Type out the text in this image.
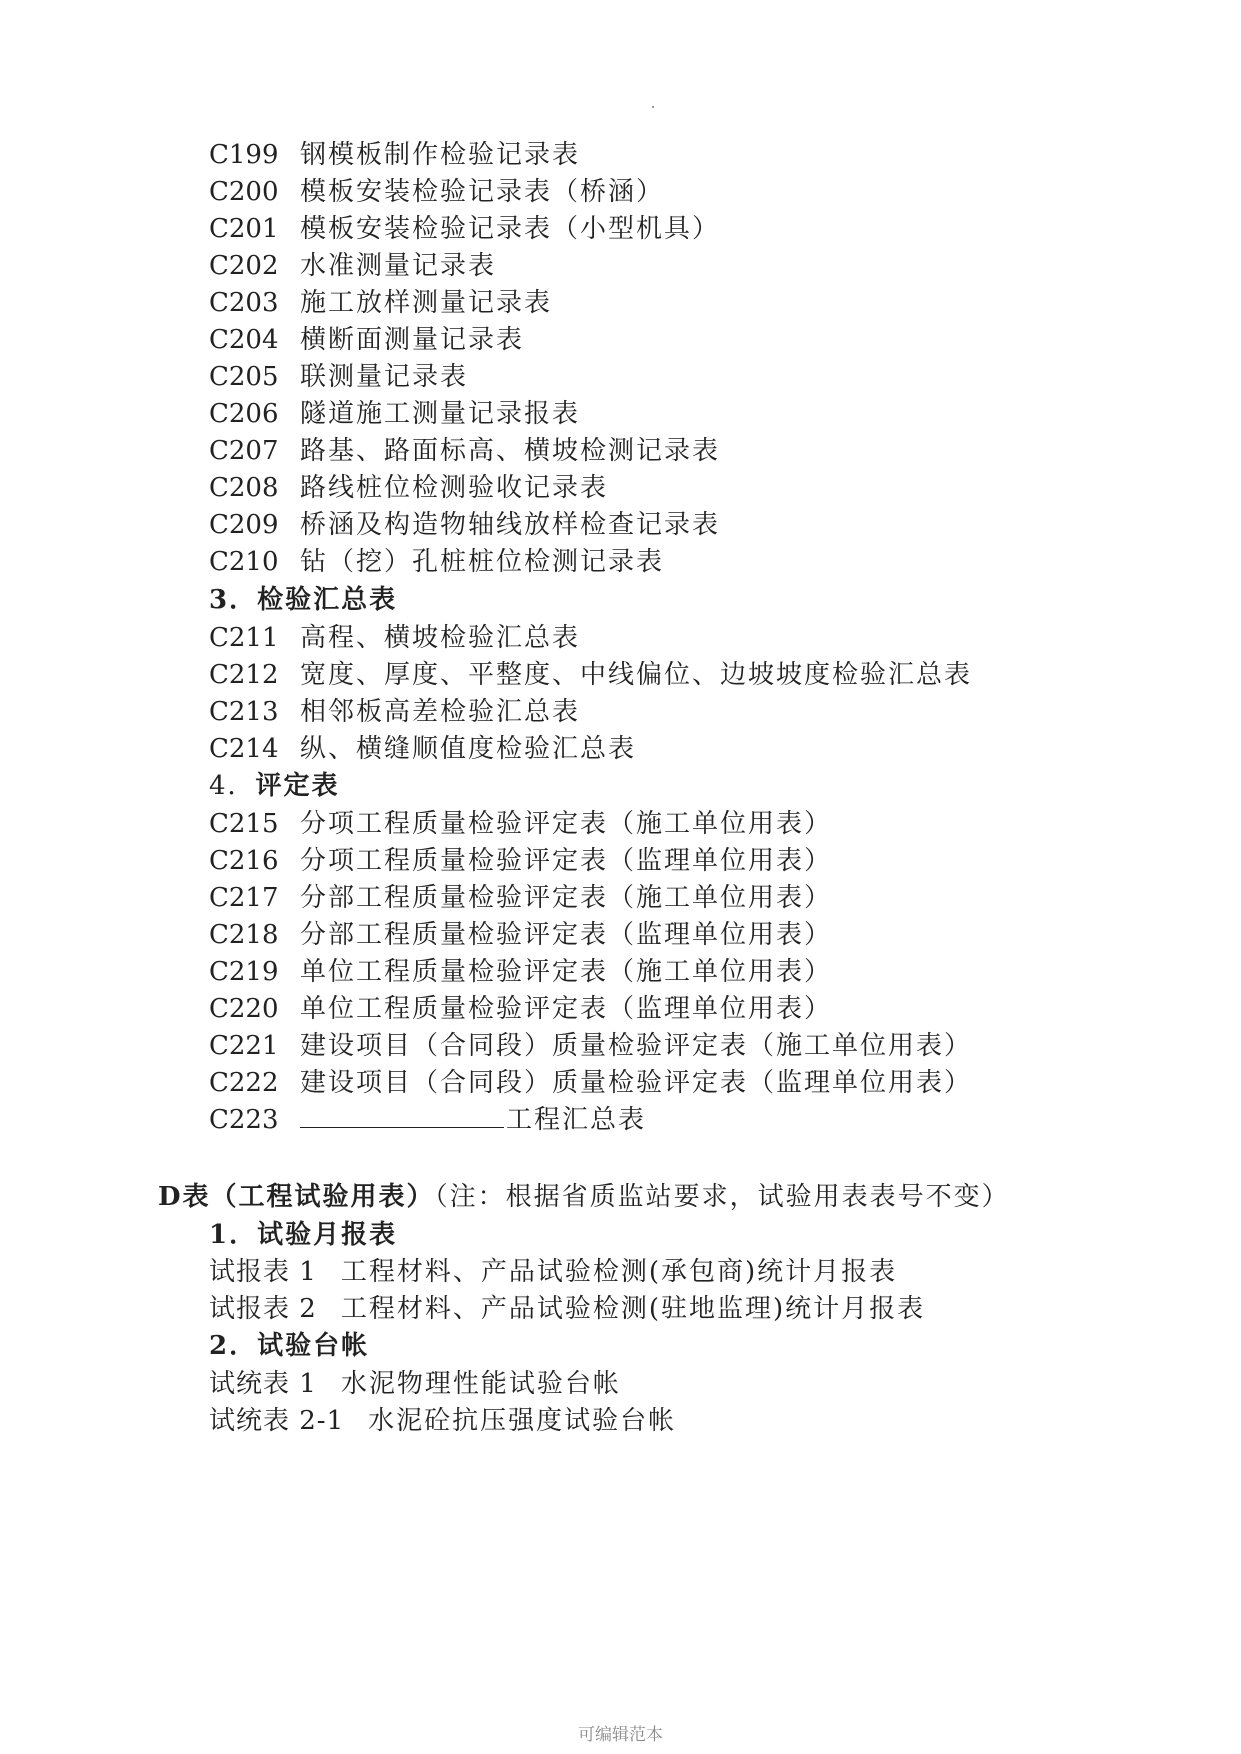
C199 钢模板制作检验记录表
C200 模板安装检验记录表（桥涵）
C201 模板安装检验记录表（小型机具）
C202 水准测量记录表
C203 施工放样测量记录表
C204 横断面测量记录表
C205 联测量记录表
C206 隧道施工测量记录报表
C207 路基、路面标高、横坡检测记录表
C208 路线桩位检测验收记录表
C209 桥涵及构造物轴线放样检查记录表
C210 钻（挖）孔桩桩位检测记录表
3．检验汇总表
C211 高程、横坡检验汇总表
C212 宽度、厚度、平整度、中线偏位、边坡坡度检验汇总表
C213 相邻板高差检验汇总表
C214 纵、横缝顺值度检验汇总表
4．评定表
C215 分项工程质量检验评定表（施工单位用表）
C216 分项工程质量检验评定表（监理单位用表）
C217 分部工程质量检验评定表（施工单位用表）
C218 分部工程质量检验评定表（监理单位用表）
C219 单位工程质量检验评定表（施工单位用表）
C220 单位工程质量检验评定表（监理单位用表）
C221 建设项目（合同段）质量检验评定表（施工单位用表）
C222 建设项目（合同段）质量检验评定表（监理单位用表）
C223	工程汇总表
D表（工程试验用表）（注：根据省质监站要求，试验用表表号不变）
1．试验月报表
试报表 1 工程材料、产品试验检测(承包商)统计月报表
试报表 2 工程材料、产品试验检测(驻地监理)统计月报表
2．试验台帐
试统表 1 水泥物理性能试验台帐
试统表 2-1 水泥砼抗压强度试验台帐
可编辑范本
